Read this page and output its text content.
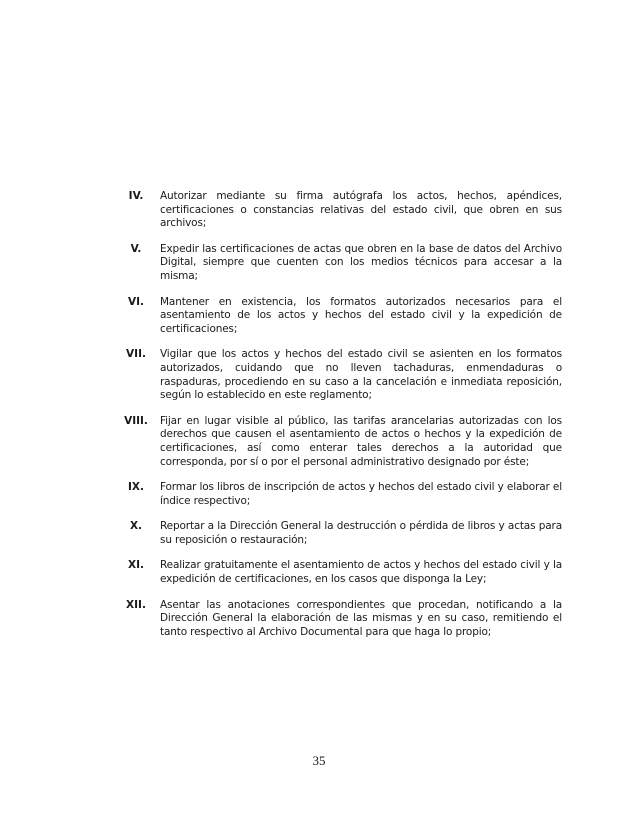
IV.	Autorizar mediante su firma autógrafa los actos, hechos, apéndices, certificaciones o constancias relativas del estado civil, que obren en sus archivos;
V.	Expedir las certificaciones de actas que obren en la base de datos del Archivo Digital, siempre que cuenten con los medios técnicos para accesar a la misma;
VI.	Mantener en existencia, los formatos autorizados necesarios para el asentamiento de los actos y hechos del estado civil y la expedición de certificaciones;
VII.	Vigilar que los actos y hechos del estado civil se asienten en los formatos autorizados, cuidando que no lleven tachaduras, enmendaduras o raspaduras, procediendo en su caso a la cancelación e inmediata reposición, según lo establecido en este reglamento;
VIII.	Fijar en lugar visible al público, las tarifas arancelarias autorizadas con los derechos que causen el asentamiento de actos o hechos y la expedición de certificaciones, así como enterar tales derechos a la autoridad que corresponda, por sí o por el personal administrativo designado por éste;
IX.	Formar los libros de inscripción de actos y hechos del estado civil y elaborar el índice respectivo;
X.	Reportar a la Dirección General la destrucción o pérdida de libros y actas para su reposición o restauración;
XI.	Realizar gratuitamente el asentamiento de actos y hechos del estado civil y la expedición de certificaciones, en los casos que disponga la Ley;
XII.	Asentar las anotaciones correspondientes que procedan, notificando a la Dirección General la elaboración de las mismas y en su caso, remitiendo el tanto respectivo al Archivo Documental para que haga lo propio;
35
